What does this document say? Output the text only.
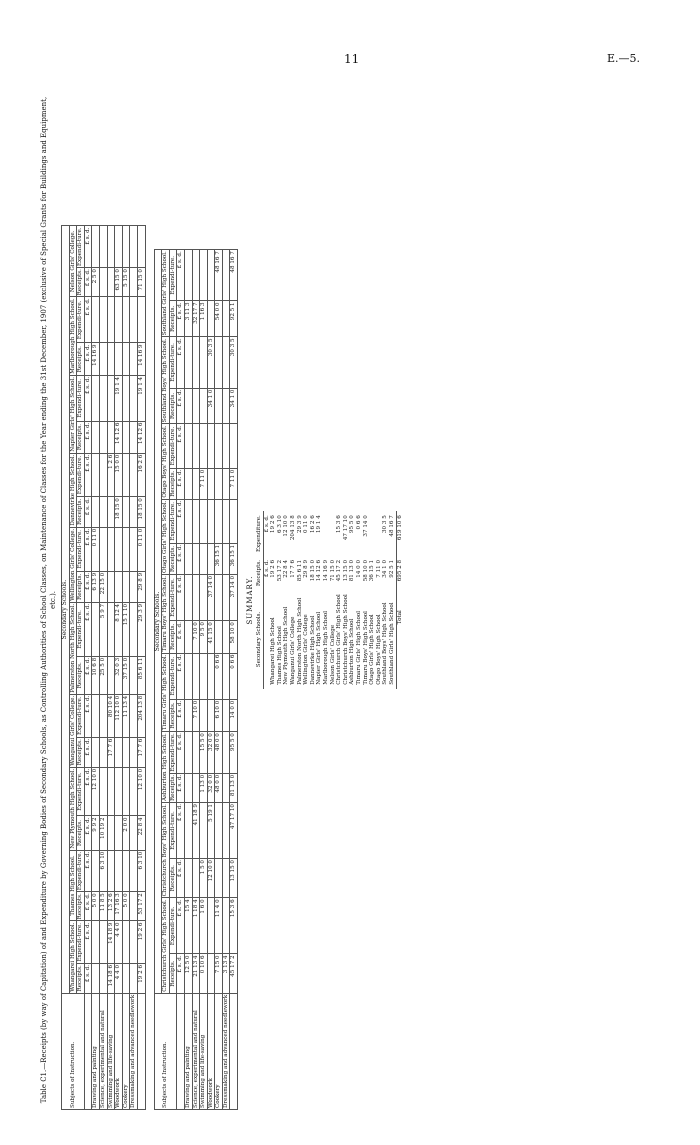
11	E.—5.
Table C1.—Receipts (by way of Capitation) of and Expenditure by Governing Bodies of Secondary Schools, as Controlling Authorities of School Classes, on Maintenance of Classes for the Year ending the 31st December, 1907 (exclusive of Special Grants for Buildings and Equipment, etc.).
Subjects of Instruction.	Secondary Schools.																			
	Whangarei High School.		Thames High School.		New Plymouth High School.		Wanganui Girls' College.		Palmerston North High School.		Wellington Girls' College.		Dannevirke High School.		Napier Girls' High School.		Marlborough High School.		Nelson Girls' College.	
	Receipts.	Expendi-ture.	Receipts.	Expendi-ture.	Receipts.	Expendi-ture.	Receipts.	Expendi-ture.	Receipts.	Expendi-ture.	Receipts.	Expendi-ture.	Receipts.	Expendi-ture.	Receipts.	Expendi-ture.	Receipts.	Expendi-ture.	Receipts.	Expendi-ture.
	£ s. d.	£ s. d.	£ s. d.	£ s. d.	£ s. d.	£ s. d.	£ s. d.	£ s. d.	£ s. d.	£ s. d.	£ s. d.	£ s. d.	£ s. d.	£ s. d.	£ s. d.	£ s. d.	£ s. d.	£ s. d.	£ s. d.	£ s. d.
Drawing and painting			5 0 0		9 9 2	12 10 0			10 6 8		6 13 9	0 11 0					14 16 9		2 5 0	
Science, experimental and natural			11 8 5	6 3 10	10 19 2				25 5 0	5 9 7	22 15 0									
Swimming and life-saving	14 18 6	14 18 9	13 2 6				17 7 6	80 10 4						1 2 6						
Woodwork	4 4 0	4 4 0	17 16 3					112 10 0	32 0 3	8 12 4			18 15 0	15 0 0	14 12 6	19 1 4			63 15 0	
Cookery			5 0 0		2 0 0			11 13 4	37 15 0	15 1 10									5 15 0	
Dressmaking and advanced needlework																				
	19 2 6	19 2 6	53 17 2	6 3 10	22 8 4	12 10 0	17 7 6	204 13 8	85 6 11	29 3 9	29 8 9	0 11 0	18 15 0	16 2 6	14 12 6	19 1 4	14 16 9		71 15 0	
Subjects of Instruction.	Secondary Schools.																	
	Christchurch Girls' High School.		Christchurch Boys' High School.		Ashburton High School.		Timaru Girls' High School.		Timaru Boys' High School.		Otago Girls' High School.		Otago Boys' High School.		Southland Boys' High School.		Southland Girls' High School.	
	Receipts.	Expendi-ture.	Receipts.	Expendi-ture.	Receipts.	Expendi-ture.	Receipts.	Expendi-ture.	Receipts.	Expendi-ture.	Receipts.	Expendi-ture.	Receipts.	Expendi-ture.	Receipts.	Expendi-ture.	Receipts.	Expendi-ture.
	£ s. d.	£ s. d.	£ s. d.	£ s. d.	£ s. d.	£ s. d.	£ s. d.	£ s. d.	£ s. d.	£ s. d.	£ s. d.	£ s. d.	£ s. d.	£ s. d.	£ s. d.	£ s. d.	£ s. d.	£ s. d.
Drawing and painting	12 5 0	15 4															3 11 3	
Science, experimental and natural	21 13 4	1 18 4		41 18 9			7 10 0		7 10 0								32 17 7	
Swimming and life-saving	0 10 6	1 6 0	1 5 0		1 13 0	15 5 0			9 5 0				7 11 0				1 16 3	
Woodwork			12 10 0	5 19 1	32 0 0	32 0 0			41 15 0	37 14 0					34 1 0	30 3 5		
Cookery	7 15 0	11 4 0			48 0 0	48 0 0	6 10 0	0 6 6			36 15 1						54 0 0	48 16 7
Dressmaking and advanced needlework	3 13 4																	
	45 17 2	15 3 6	13 15 0	47 17 10	81 13 0	95 5 0	14 0 0	0 6 6	58 10 0	37 14 0	36 15 1		7 11 0		34 1 0	30 3 5	92 5 1	48 16 7
SUMMARY.
Secondary Schools.	Receipts.	Expenditure.
	£ s. d.	£ s. d.
Whangarei High School	19 2 6	19 2 6
Thames High School	53 17 2	6 3 10
New Plymouth High School	22 8 4	12 10 0
Wanganui Girls' College	17 7 6	204 13 8
Palmerston North High School	85 6 11	29 3 9
Wellington Girls' College	29 8 9	0 11 0
Dannevirke High School	18 15 0	16 2 6
Napier Girls' High School	14 12 6	19 1 4
Marlborough High School	14 16 9	
Nelson Girls' College	71 15 0	
Christchurch Girls' High School	45 17 2	15 3 6
Christchurch Boys' High School	13 15 0	47 17 10
Ashburton High School	81 13 0	95 5 0
Timaru Girls' High School	14 0 0	0 6 6
Timaru Boys' High School	58 10 0	37 14 0
Otago Girls' High School	36 15 1	
Otago Boys' High School	7 11 0	
Southland Boys' High School	34 1 0	30 3 5
Southland Girls' High School	92 5 1	48 16 7
Total	695 2 8	619 10 6
